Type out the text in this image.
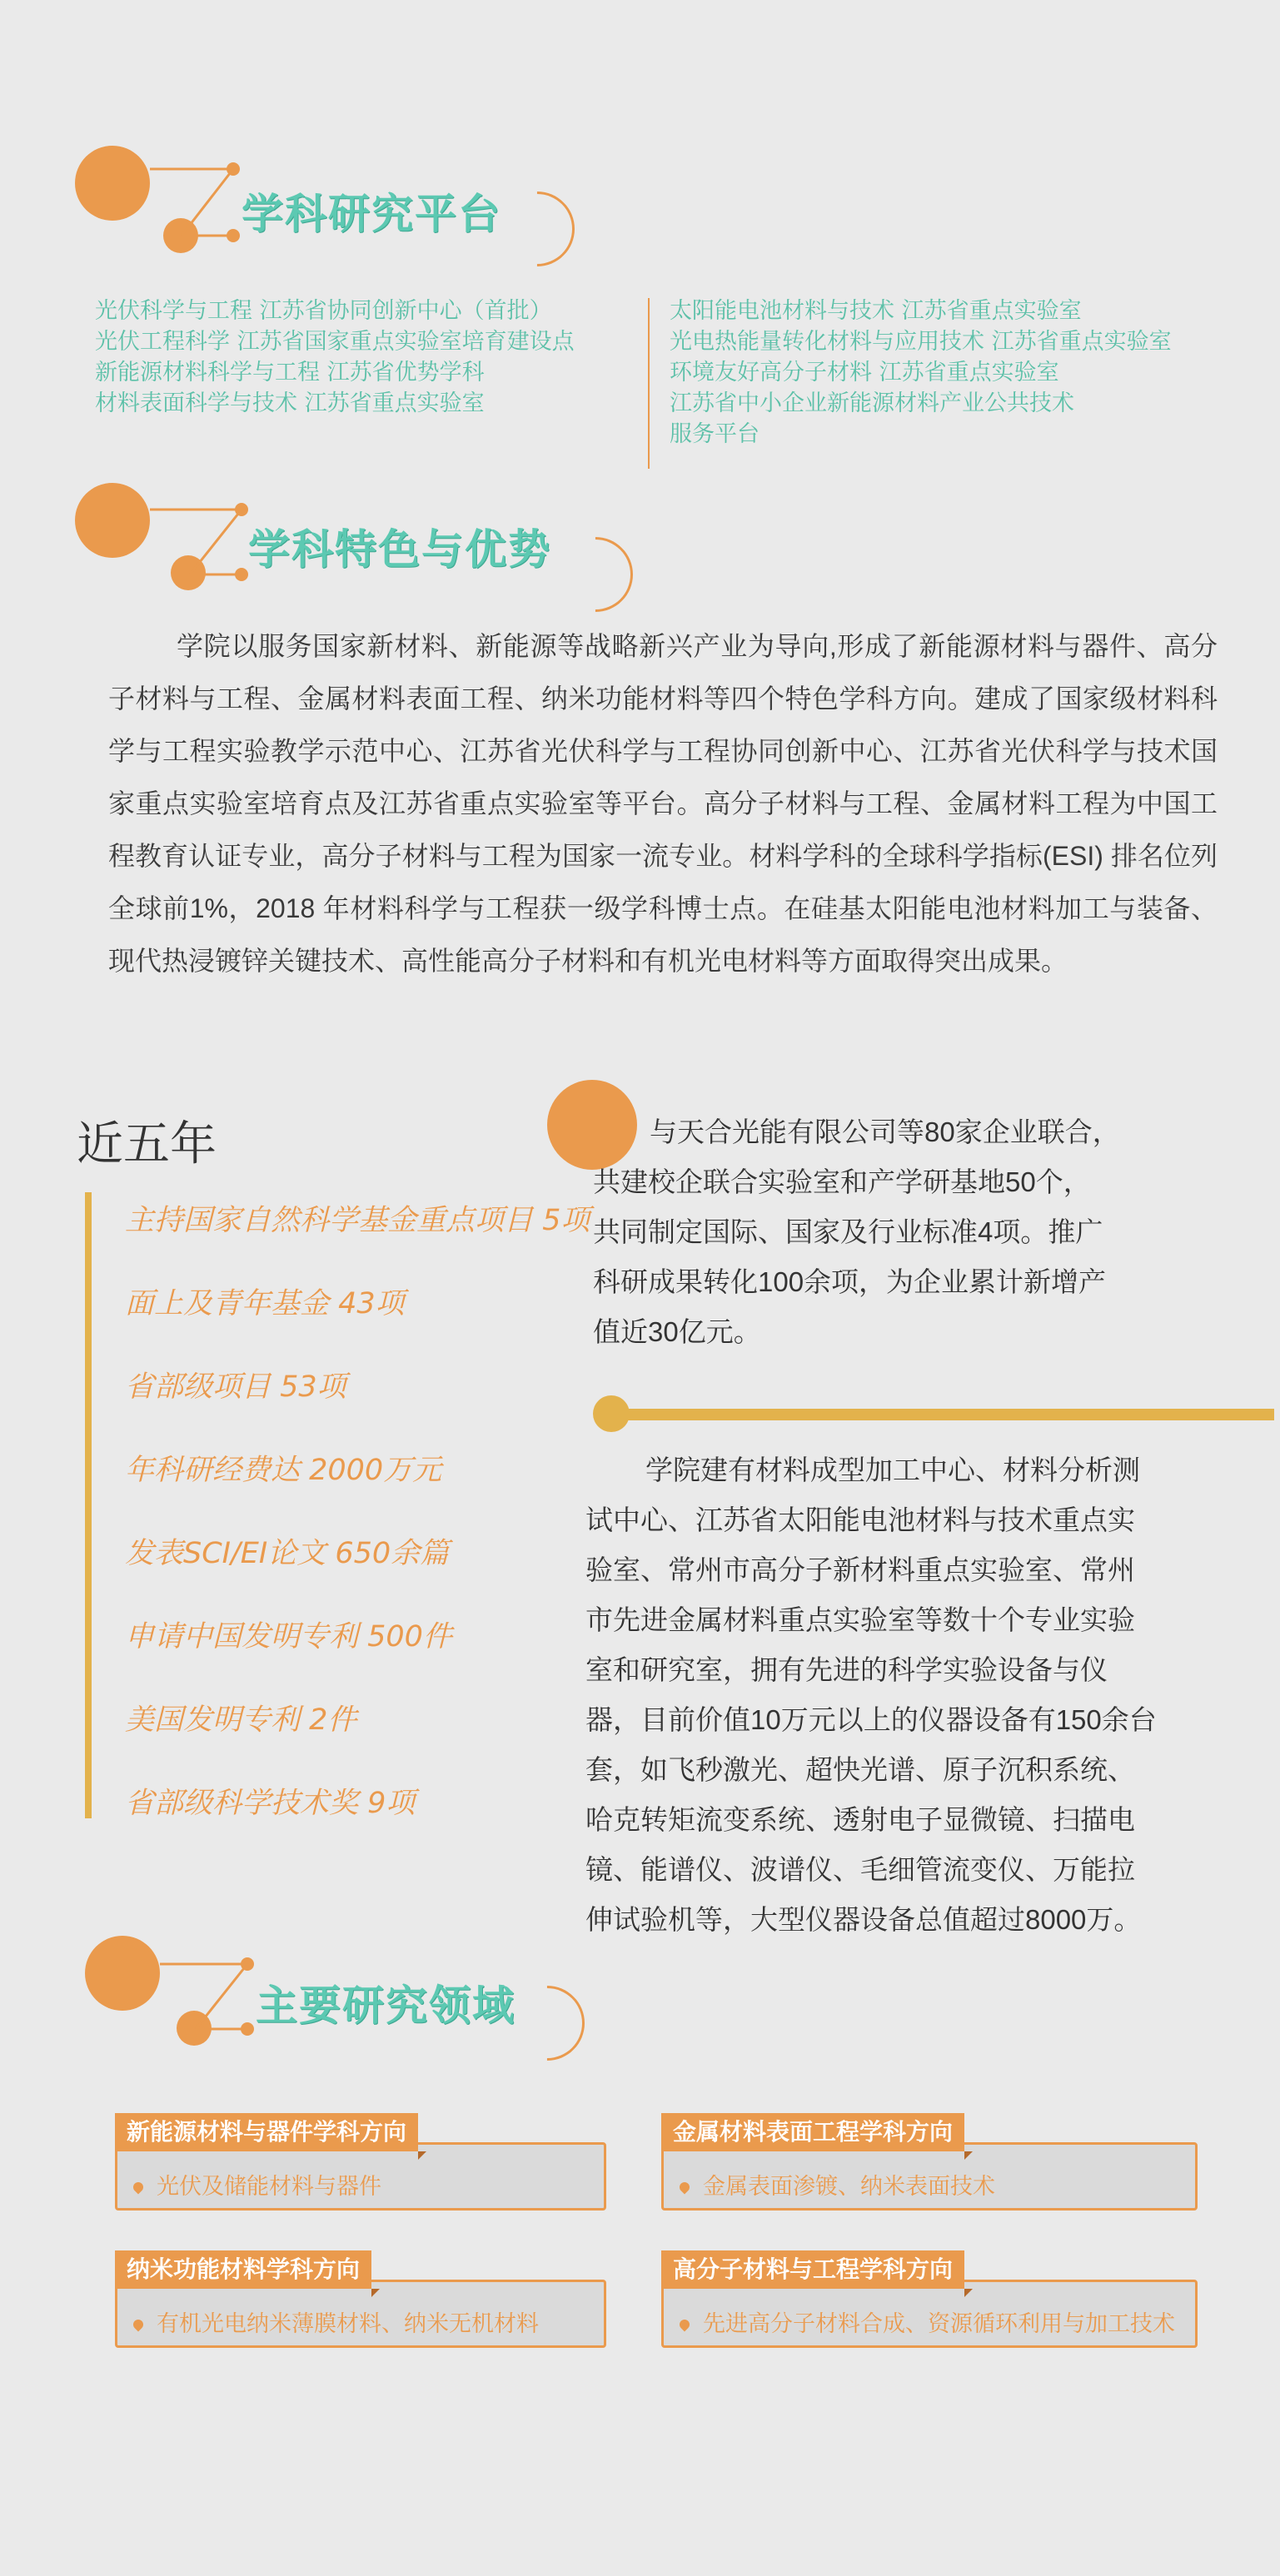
学科研究平台
光伏科学与工程 江苏省协同创新中心（首批）
光伏工程科学 江苏省国家重点实验室培育建设点
新能源材料科学与工程 江苏省优势学科
材料表面科学与技术 江苏省重点实验室
太阳能电池材料与技术 江苏省重点实验室
光电热能量转化材料与应用技术 江苏省重点实验室
环境友好高分子材料 江苏省重点实验室
江苏省中小企业新能源材料产业公共技术
服务平台
学科特色与优势
学院以服务国家新材料、新能源等战略新兴产业为导向,形成了新能源材料与器件、高分子材料与工程、金属材料表面工程、纳米功能材料等四个特色学科方向。建成了国家级材料科学与工程实验教学示范中心、江苏省光伏科学与工程协同创新中心、江苏省光伏科学与技术国家重点实验室培育点及江苏省重点实验室等平台。高分子材料与工程、金属材料工程为中国工程教育认证专业，高分子材料与工程为国家一流专业。材料学科的全球科学指标(ESI) 排名位列全球前1%，2018 年材料科学与工程获一级学科博士点。在硅基太阳能电池材料加工与装备、现代热浸镀锌关键技术、高性能高分子材料和有机光电材料等方面取得突出成果。
近五年
主持国家自然科学基金重点项目 5项
面上及青年基金 43项
省部级项目 53项
年科研经费达 2000万元
发表SCI/EI论文 650余篇
申请中国发明专利 500件
美国发明专利 2件
省部级科学技术奖 9项
与天合光能有限公司等80家企业联合，
共建校企联合实验室和产学研基地50个，
共同制定国际、国家及行业标准4项。推广
科研成果转化100余项，为企业累计新增产
值近30亿元。
学院建有材料成型加工中心、材料分析测
试中心、江苏省太阳能电池材料与技术重点实
验室、常州市高分子新材料重点实验室、常州
市先进金属材料重点实验室等数十个专业实验
室和研究室，拥有先进的科学实验设备与仪
器，目前价值10万元以上的仪器设备有150余台
套，如飞秒激光、超快光谱、原子沉积系统、
哈克转矩流变系统、透射电子显微镜、扫描电
镜、能谱仪、波谱仪、毛细管流变仪、万能拉
伸试验机等，大型仪器设备总值超过8000万。
主要研究领域
新能源材料与器件学科方向
光伏及储能材料与器件
金属材料表面工程学科方向
金属表面渗镀、纳米表面技术
纳米功能材料学科方向
有机光电纳米薄膜材料、纳米无机材料
高分子材料与工程学科方向
先进高分子材料合成、资源循环利用与加工技术
